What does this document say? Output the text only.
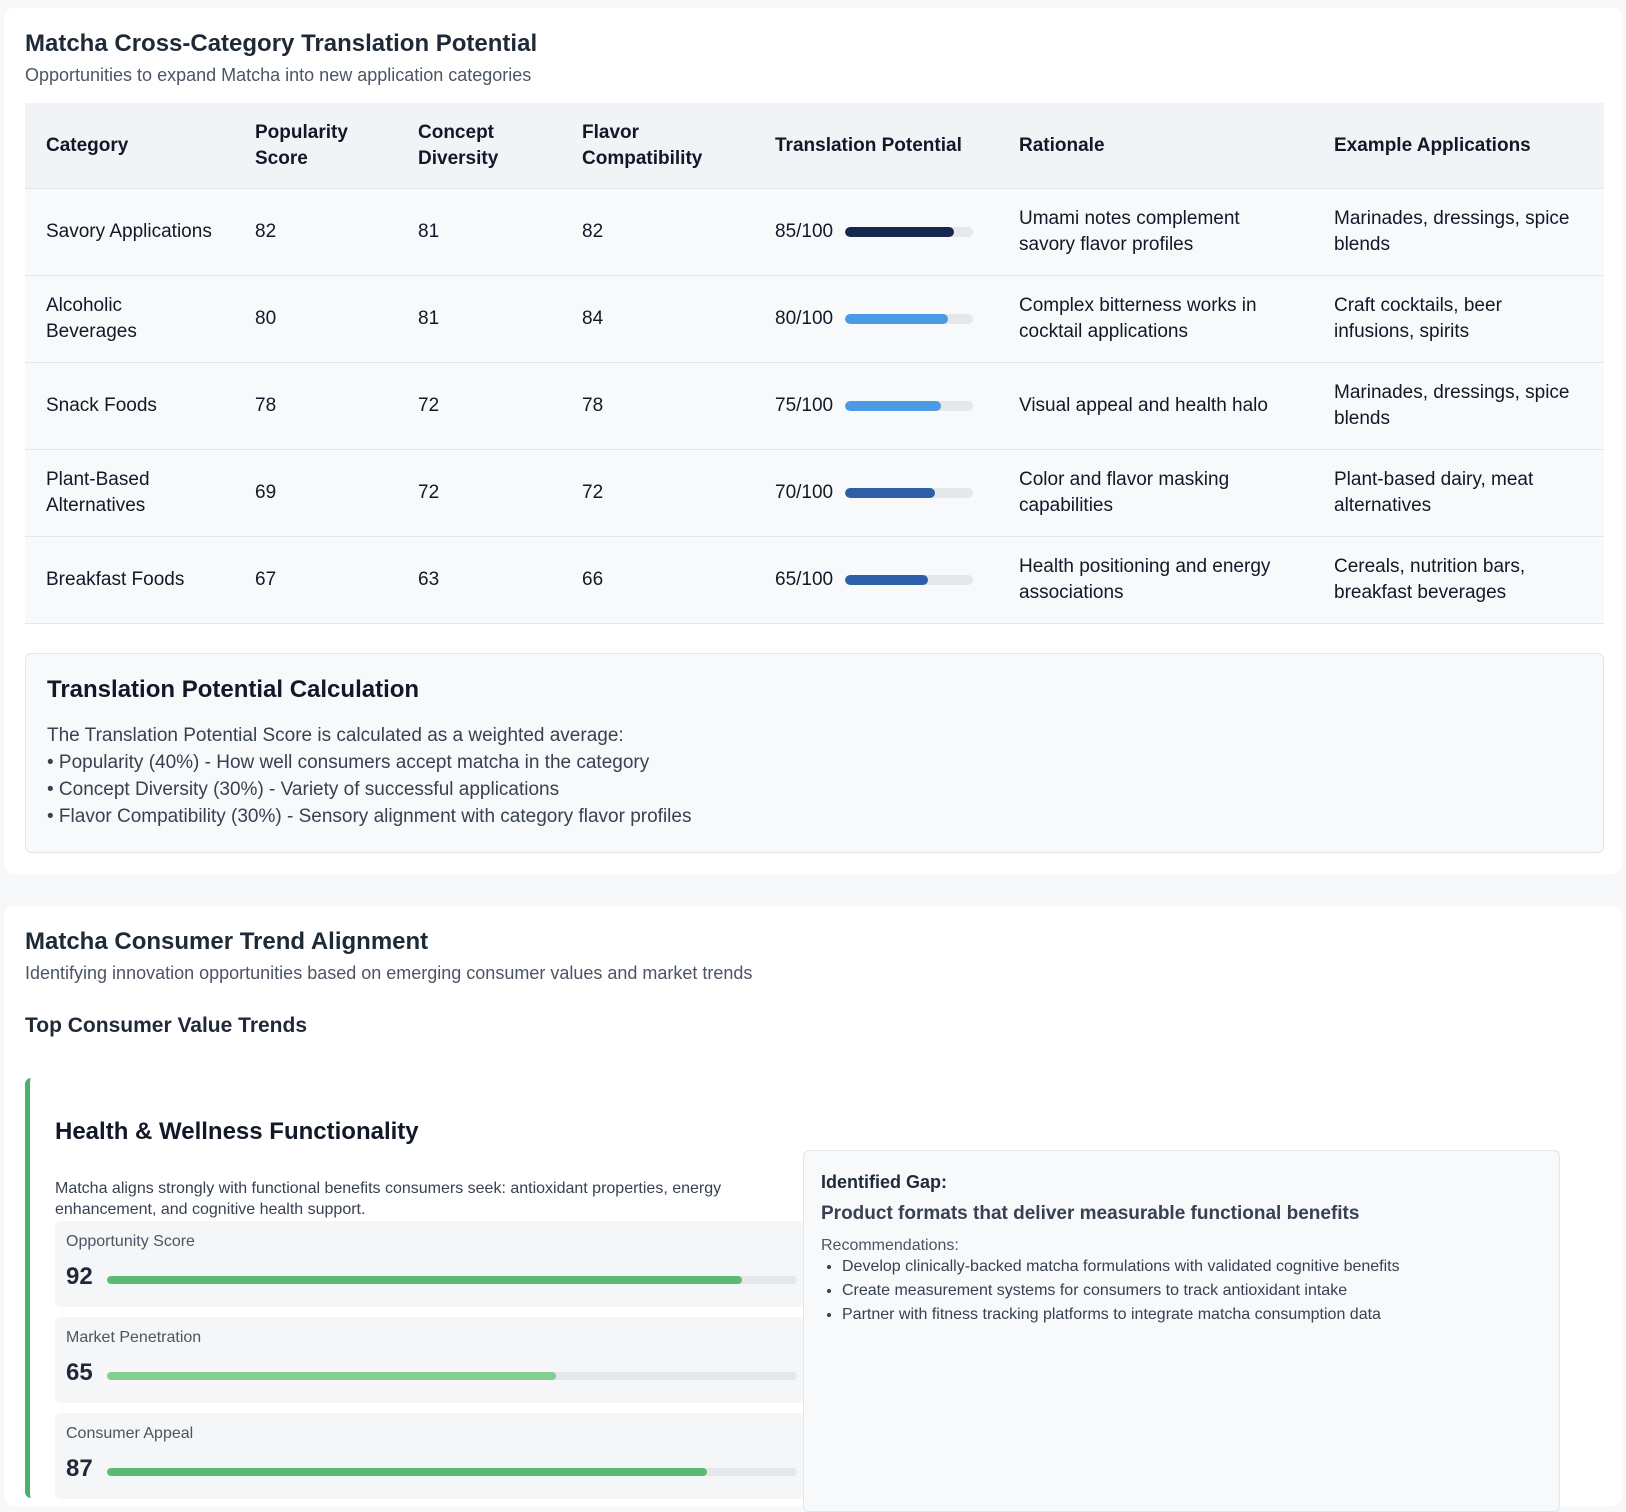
Matcha Cross-Category Translation Potential

Opportunities to expand Matcha into new application categories

Category	Popularity Score	Concept Diversity	Flavor Compatibility	Translation Potential	Rationale	Example Applications
Savory Applications	82	81	82	85/100	Umami notes complement savory flavor profiles	Marinades, dressings, spice blends
Alcoholic Beverages	80	81	84	80/100	Complex bitterness works in cocktail applications	Craft cocktails, beer infusions, spirits
Snack Foods	78	72	78	75/100	Visual appeal and health halo	Marinades, dressings, spice blends
Plant-Based Alternatives	69	72	72	70/100	Color and flavor masking capabilities	Plant-based dairy, meat alternatives
Breakfast Foods	67	63	66	65/100	Health positioning and energy associations	Cereals, nutrition bars, breakfast beverages
Translation Potential Calculation
The Translation Potential Score is calculated as a weighted average:
• Popularity (40%) - How well consumers accept matcha in the category
• Concept Diversity (30%) - Variety of successful applications
• Flavor Compatibility (30%) - Sensory alignment with category flavor profiles
Matcha Consumer Trend Alignment

Identifying innovation opportunities based on emerging consumer values and market trends

Top Consumer Value Trends
Health & Wellness Functionality
Matcha aligns strongly with functional benefits consumers seek: antioxidant properties, energy enhancement, and cognitive health support.
Opportunity Score
92
Market Penetration
65
Consumer Appeal
87
Identified Gap:
Product formats that deliver measurable functional benefits
Recommendations:
• Develop clinically-backed matcha formulations with validated cognitive benefits
• Create measurement systems for consumers to track antioxidant intake
• Partner with fitness tracking platforms to integrate matcha consumption data
